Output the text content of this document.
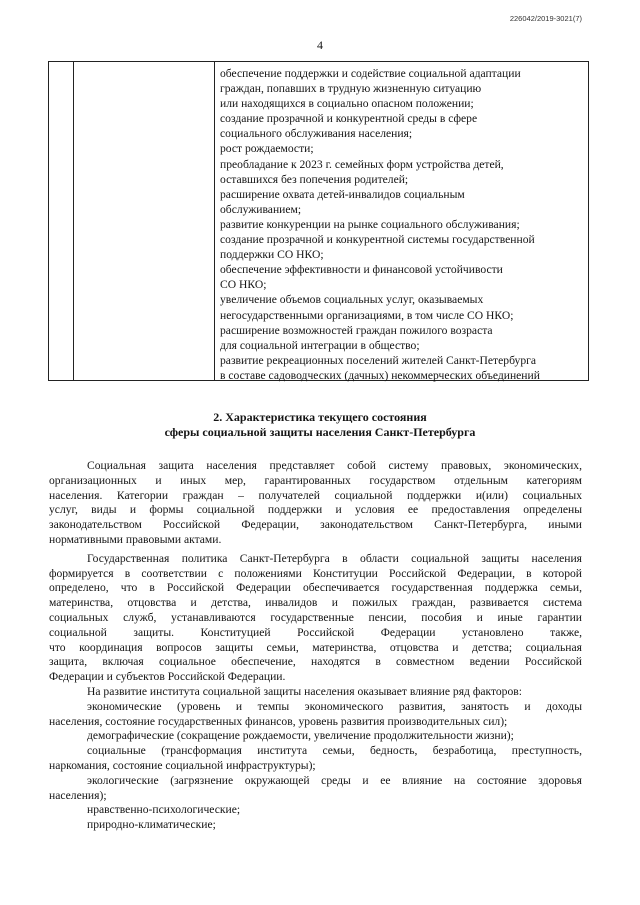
226042/2019-3021(7)
4
обеспечение поддержки и содействие социальной адаптации
граждан, попавших в трудную жизненную ситуацию
или находящихся в социально опасном положении;
создание прозрачной и конкурентной среды в сфере
социального обслуживания населения;
рост рождаемости;
преобладание к 2023 г. семейных форм устройства детей,
оставшихся без попечения родителей;
расширение охвата детей-инвалидов социальным
обслуживанием;
развитие конкуренции на рынке социального обслуживания;
создание прозрачной и конкурентной системы государственной
поддержки СО НКО;
обеспечение эффективности и финансовой устойчивости
СО НКО;
увеличение объемов социальных услуг, оказываемых
негосударственными организациями, в том числе СО НКО;
расширение возможностей граждан пожилого возраста
для социальной интеграции в общество;
развитие рекреационных поселений жителей Санкт-Петербурга
в составе садоводческих (дачных) некоммерческих объединений
2. Характеристика текущего состояния
сферы социальной защиты населения Санкт-Петербурга

Социальная защита населения представляет собой систему правовых, экономических,
организационных и иных мер, гарантированных государством отдельным категориям
населения. Категории граждан – получателей социальной поддержки и(или) социальных
услуг, виды и формы социальной поддержки и условия ее предоставления определены
законодательством Российской Федерации, законодательством Санкт-Петербурга, иными
нормативными правовыми актами.

Государственная политика Санкт-Петербурга в области социальной защиты населения
формируется в соответствии с положениями Конституции Российской Федерации, в которой
определено, что в Российской Федерации обеспечивается государственная поддержка семьи,
материнства, отцовства и детства, инвалидов и пожилых граждан, развивается система
социальных служб, устанавливаются государственные пенсии, пособия и иные гарантии
социальной защиты. Конституцией Российской Федерации установлено также,
что координация вопросов защиты семьи, материнства, отцовства и детства; социальная
защита, включая социальное обеспечение, находятся в совместном ведении Российской
Федерации и субъектов Российской Федерации.

На развитие института социальной защиты населения оказывает влияние ряд факторов:

экономические (уровень и темпы экономического развития, занятость и доходы
населения, состояние государственных финансов, уровень развития производительных сил);

демографические (сокращение рождаемости, увеличение продолжительности жизни);

социальные (трансформация института семьи, бедность, безработица, преступность,
наркомания, состояние социальной инфраструктуры);

экологические (загрязнение окружающей среды и ее влияние на состояние здоровья
населения);

нравственно-психологические;

природно-климатические;
